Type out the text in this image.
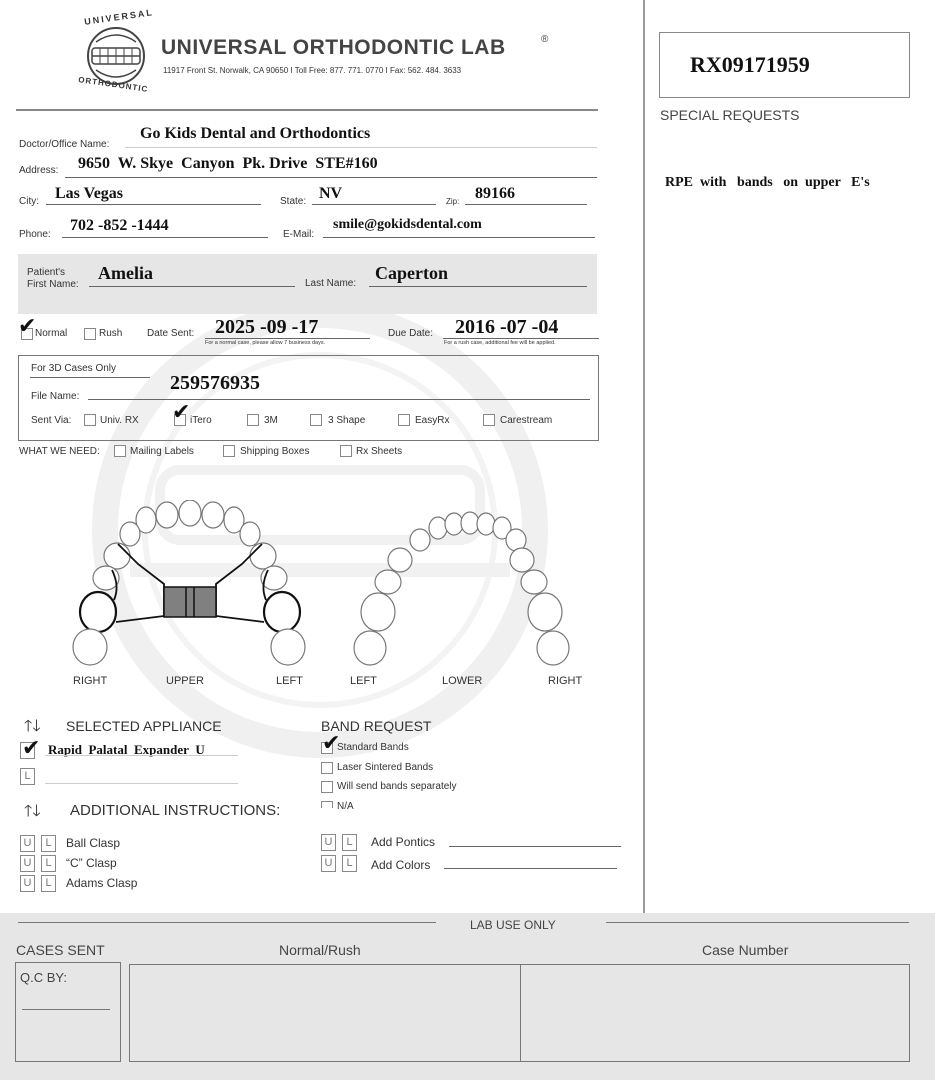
UNIVERSAL
ORTHODONTIC
UNIVERSAL ORTHODONTIC LAB	®
11917 Front St. Norwalk, CA 90650 I Toll Free: 877. 771. 0770 I Fax: 562. 484. 3633	RX09171959
SPECIAL REQUESTS
RPE  with   bands   on  upper   E's
Doctor/Office Name:
Go Kids Dental and Orthodontics
Address: 9650  W. Skye  Canyon  Pk. Drive  STE#160
City: Las Vegas	State: NV	Zip: 89166
Phone:
702 -852 -1444
E-Mail:
smile@gokidsdental.com
Patient's
First Name:
Amelia
Last Name:
Caperton
✔
Normal	Rush Date Sent: 2025 -09 -17
For a normal case, please allow 7 business days.
Due Date: 2016 -07 -04
For a rush case, additional fee will be applied.
For 3D Cases Only
File Name:
259576935
Sent Via:	Univ. RX ✔ iTero	3M	3 Shape	EasyRx	Carestream
WHAT WE NEED:	Mailing Labels	Shipping Boxes	Rx Sheets
RIGHT	UPPER	LEFT	LEFT	LOWER	RIGHT
🡑🡓 SELECTED APPLIANCE
✔ Rapid_Palatal_Expander_U
L
BAND REQUEST
✔
Standard Bands
Laser Sintered Bands
Will send bands separately
N/A
🡑🡓 ADDITIONAL INSTRUCTIONS:
U	L	Ball Clasp
U	L	“C” Clasp
U	L	Adams Clasp
U	L	Add Pontics
U	L	Add Colors
LAB USE ONLY
CASES SENT	Normal/Rush	Case Number
Q.C BY:
